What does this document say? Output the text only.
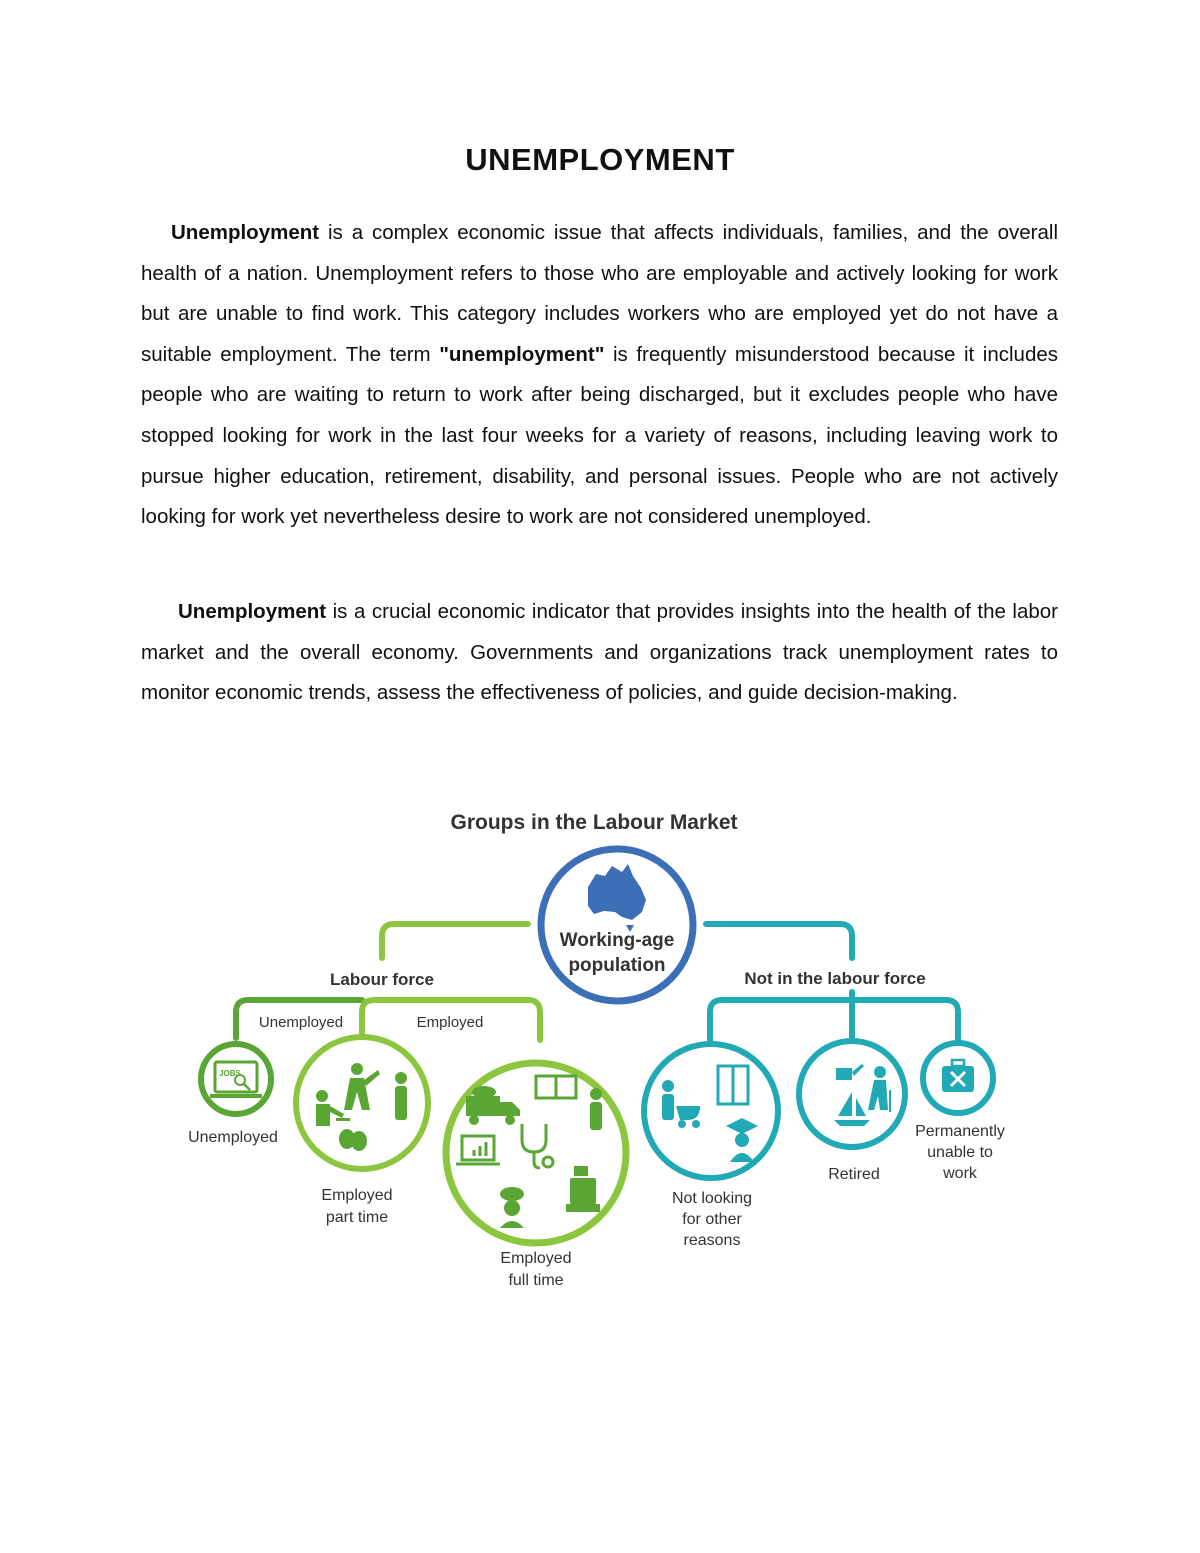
UNEMPLOYMENT

Unemployment is a complex economic issue that affects individuals, families, and the overall health of a nation. Unemployment refers to those who are employable and actively looking for work but are unable to find work. This category includes workers who are employed yet do not have a suitable employment. The term "unemployment" is frequently misunderstood because it includes people who are waiting to return to work after being discharged, but it excludes people who have stopped looking for work in the last four weeks for a variety of reasons, including leaving work to pursue higher education, retirement, disability, and personal issues. People who are not actively looking for work yet nevertheless desire to work are not considered unemployed.

Unemployment is a crucial economic indicator that provides insights into the health of the labor market and the overall economy. Governments and organizations track unemployment rates to monitor economic trends, assess the effectiveness of policies, and guide decision-making.

Groups in the Labour Market
Labour force	Not in the labour force
Unemployed	Employed
Working-age
population
JOBS
Unemployed
Employed
part time
Employed
full time
Not looking
for other
reasons
Retired
Permanently
unable to
work
